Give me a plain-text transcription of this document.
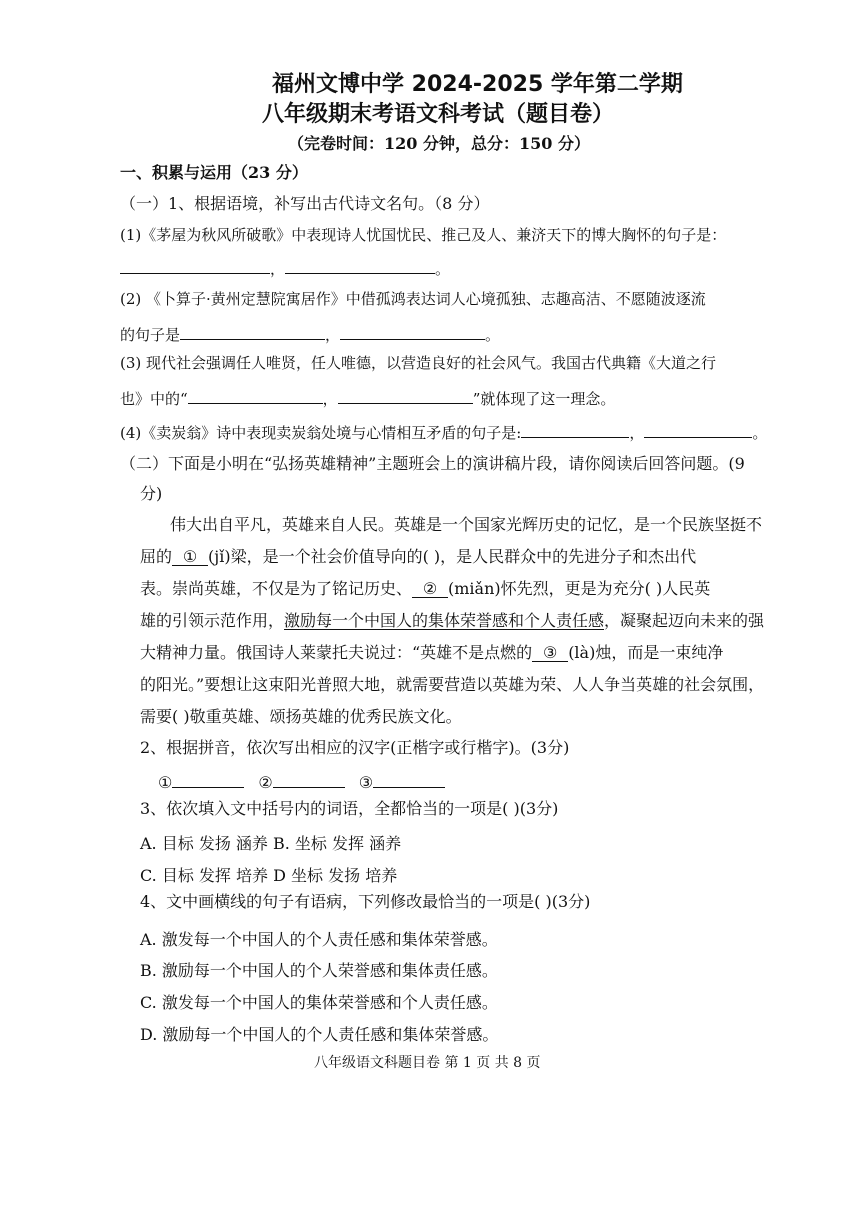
福州文博中学 2024-2025 学年第二学期
八年级期末考语文科考试（题目卷）
（完卷时间：120 分钟，总分：150 分）
一、积累与运用（23 分）
（一）1、根据语境，补写出古代诗文名句。（8 分）
(1)《茅屋为秋风所破歌》中表现诗人忧国忧民、推己及人、兼济天下的博大胸怀的句子是：
，	。
(2) 《卜算子·黄州定慧院寓居作》中借孤鸿表达词人心境孤独、志趣高洁、不愿随波逐流
的句子是	，	。
(3) 现代社会强调任人唯贤，任人唯德，以营造良好的社会风气。我国古代典籍《大道之行
也》中的“	，	”就体现了这一理念。
(4)《卖炭翁》诗中表现卖炭翁处境与心情相互矛盾的句子是:	，	。
（二）下面是小明在“弘扬英雄精神”主题班会上的演讲稿片段，请你阅读后回答问题。(9
分)
伟大出自平凡，英雄来自人民。英雄是一个国家光辉历史的记忆，是一个民族坚挺不
屈的 ① (jǐ)梁，是一个社会价值导向的( )，是人民群众中的先进分子和杰出代
表。崇尚英雄，不仅是为了铭记历史、 ② (miǎn)怀先烈，更是为充分( )人民英
雄的引领示范作用，激励每一个中国人的集体荣誉感和个人责任感，凝聚起迈向未来的强
大精神力量。俄国诗人莱蒙托夫说过：“英雄不是点燃的 ③ (là)烛，而是一束纯净
的阳光。”要想让这束阳光普照大地，就需要营造以英雄为荣、人人争当英雄的社会氛围，
需要( )敬重英雄、颂扬英雄的优秀民族文化。
2、根据拼音，依次写出相应的汉字(正楷字或行楷字)。(3分)
①	②	③
3、依次填入文中括号内的词语，全都恰当的一项是( )(3分)
A. 目标 发扬 涵养 B. 坐标 发挥 涵养
C. 目标 发挥 培养 D 坐标 发扬 培养
4、文中画横线的句子有语病，下列修改最恰当的一项是( )(3分)
A. 激发每一个中国人的个人责任感和集体荣誉感。
B. 激励每一个中国人的个人荣誉感和集体责任感。
C. 激发每一个中国人的集体荣誉感和个人责任感。
D. 激励每一个中国人的个人责任感和集体荣誉感。
八年级语文科题目卷 第 1 页 共 8 页
